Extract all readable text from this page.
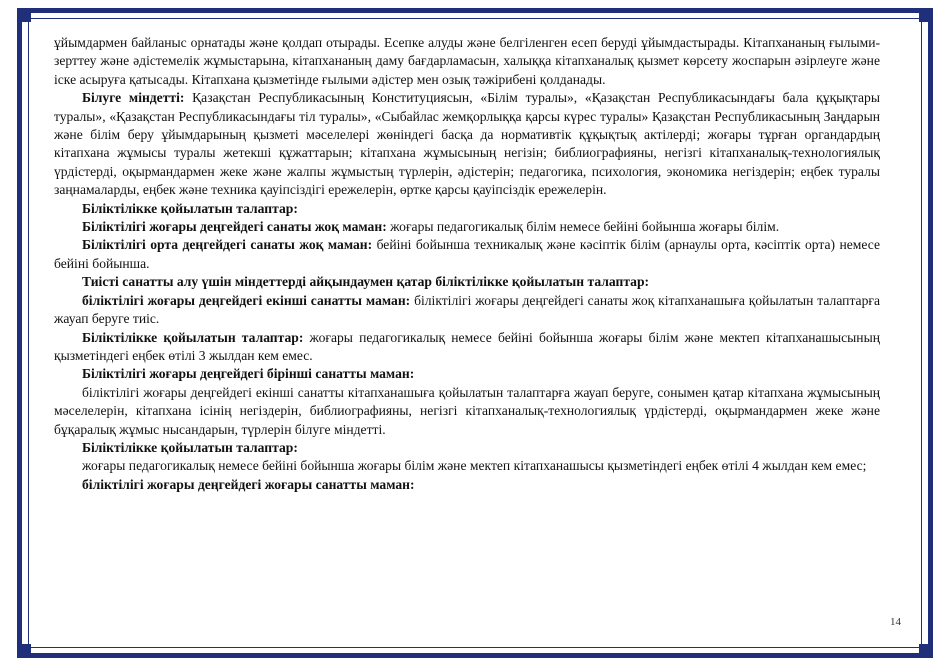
ұйымдармен байланыс орнатады және қолдап отырады. Есепке алуды және белгіленген есеп беруді ұйымдастырады. Кітапхананың ғылыми-зерттеу және әдістемелік жұмыстарына, кітапхананың даму бағдарламасын, халыққа кітапханалық қызмет көрсету жоспарын әзірлеуге және іске асыруға қатысады. Кітапхана қызметінде ғылыми әдістер мен озық тәжірибені қолданады.

Білуге міндетті: Қазақстан Республикасының Конституциясын, «Білім туралы», «Қазақстан Республикасындағы бала құқықтары туралы», «Қазақстан Республикасындағы тіл туралы», «Сыбайлас жемқорлыққа қарсы күрес туралы» Қазақстан Республикасының Заңдарын және білім беру ұйымдарының қызметі мәселелері жөніндегі басқа да нормативтік құқықтық актілерді; жоғары тұрған органдардың кітапхана жұмысы туралы жетекші құжаттарын; кітапхана жұмысының негізін; библиографияны, негізгі кітапханалық-технологиялық үрдістерді, оқырмандармен жеке және жалпы жұмыстың түрлерін, әдістерін; педагогика, психология, экономика негіздерін; еңбек туралы заңнамаларды, еңбек және техника қауіпсіздігі ережелерін, өртке қарсы қауіпсіздік ережелерін.

Біліктілікке қойылатын талаптар:

Біліктілігі жоғары деңгейдегі санаты жоқ маман: жоғары педагогикалық білім немесе бейіні бойынша жоғары білім.

Біліктілігі орта деңгейдегі санаты жоқ маман: бейіні бойынша техникалық және кәсіптік білім (арнаулы орта, кәсіптік орта) немесе бейіні бойынша.

Тиісті санатты алу үшін міндеттерді айқындаумен қатар біліктілікке қойылатын талаптар:

біліктілігі жоғары деңгейдегі екінші санатты маман: біліктілігі жоғары деңгейдегі санаты жоқ кітапханашыға қойылатын талаптарға жауап беруге тиіс.

Біліктілікке қойылатын талаптар: жоғары педагогикалық немесе бейіні бойынша жоғары білім және мектеп кітапханашысының қызметіндегі еңбек өтілі 3 жылдан кем емес.

Біліктілігі жоғары деңгейдегі бірінші санатты маман:

біліктілігі жоғары деңгейдегі екінші санатты кітапханашыға қойылатын талаптарға жауап беруге, сонымен қатар кітапхана жұмысының мәселелерін, кітапхана ісінің негіздерін, библиографияны, негізгі кітапханалық-технологиялық үрдістерді, оқырмандармен жеке және бұқаралық жұмыс нысандарын, түрлерін білуге міндетті.

Біліктілікке қойылатын талаптар:

жоғары педагогикалық немесе бейіні бойынша жоғары білім және мектеп кітапханашысы қызметіндегі еңбек өтілі 4 жылдан кем емес;

біліктілігі жоғары деңгейдегі жоғары санатты маман:

14
